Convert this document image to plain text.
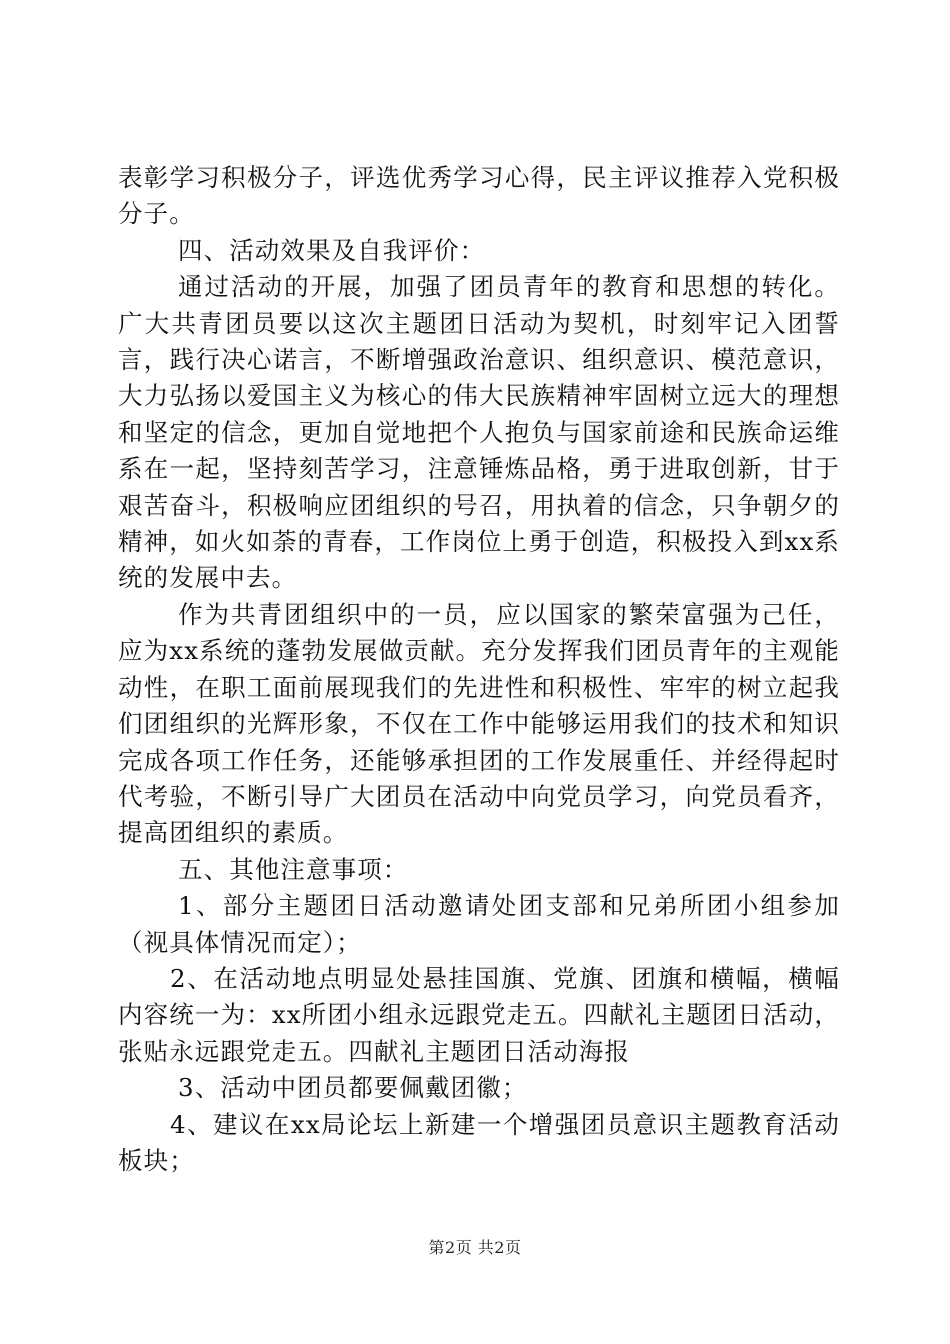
表彰学习积极分子，评选优秀学习心得，民主评议推荐入党积极分子。

四、活动效果及自我评价：

通过活动的开展，加强了团员青年的教育和思想的转化。广大共青团员要以这次主题团日活动为契机，时刻牢记入团誓言，践行决心诺言，不断增强政治意识、组织意识、模范意识，大力弘扬以爱国主义为核心的伟大民族精神牢固树立远大的理想和坚定的信念，更加自觉地把个人抱负与国家前途和民族命运维系在一起，坚持刻苦学习，注意锤炼品格，勇于进取创新，甘于艰苦奋斗，积极响应团组织的号召，用执着的信念，只争朝夕的精神，如火如荼的青春，工作岗位上勇于创造，积极投入到xx系统的发展中去。

作为共青团组织中的一员，应以国家的繁荣富强为己任，应为xx系统的蓬勃发展做贡献。充分发挥我们团员青年的主观能动性，在职工面前展现我们的先进性和积极性、牢牢的树立起我们团组织的光辉形象，不仅在工作中能够运用我们的技术和知识完成各项工作任务，还能够承担团的工作发展重任、并经得起时代考验，不断引导广大团员在活动中向党员学习，向党员看齐，提高团组织的素质。

五、其他注意事项：

1、部分主题团日活动邀请处团支部和兄弟所团小组参加（视具体情况而定）；

2、在活动地点明显处悬挂国旗、党旗、团旗和横幅，横幅内容统一为：xx所团小组永远跟党走五。四献礼主题团日活动，张贴永远跟党走五。四献礼主题团日活动海报

3、活动中团员都要佩戴团徽；

4、建议在xx局论坛上新建一个增强团员意识主题教育活动板块；

第2页 共2页
